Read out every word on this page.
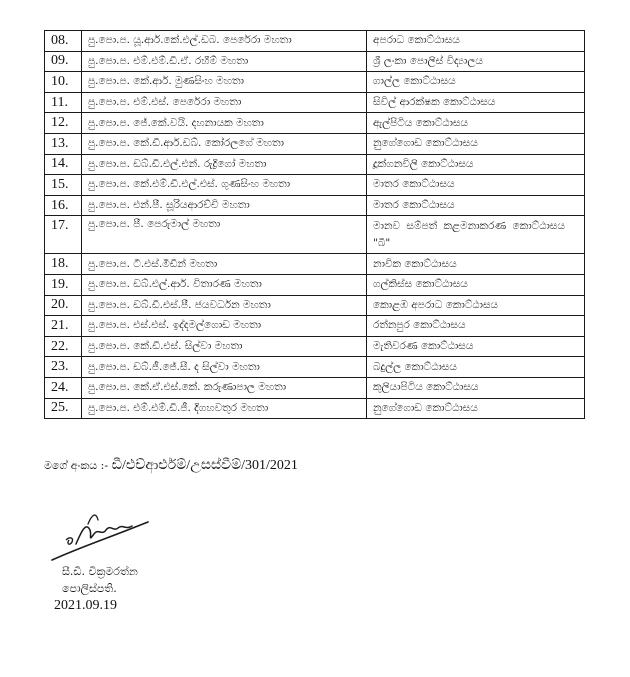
08.	පු.පො.ප. යූ.ආර්.කේ.එල්.ඩබ. පෙරේරා මහතා	අපරාධ කොට්ඨාසය
09.	පු.පො.ප. එම්.එම්.ඩී.ඒ. රහීම් මහතා	ශ්‍රී ලංකා පොලිස් විද්‍යාලය
10.	පු.පො.ප. කේ.ආර්. මුණසිංහ මහතා	ගාල්ල කොට්ඨාසය
11.	පු.පො.ප. එම්.එස්. පෙරේරා මහතා	සිවිල් ආරක්ෂක කොට්ඨාසය
12.	පු.පො.ප. ජේ.කේ.වයි. දහනායක මහතා	ඇල්පිටිය කොට්ඨාසය
13.	පු.පො.ප. කේ.ඩී.ආර්.ඩබ්. කෝරලගේ මහතා	නුගේගොඩ කොට්ඨාසය
14.	පු.පො.ප. ඩබ්.ඩී.එල්.එන්. රුද්‍රිගෝ මහතා	දූක්ගනවිලි කොට්ඨාසය
15.	පු.පො.ප. කේ.එම්.ඩී.එල්.එස්. ගුණසිංහ මහතා	මාතර කොට්ඨාසය
16.	පු.පො.ප. එන්.පී. සූරියආරච්චි මහතා	මාතර කොට්ඨාසය
17.	පු.පො.ප. පී. පෙරුමාල් මහතා	මානව සම්පත් කළමනාකරණ කොට්ඨාසය "බී"
18.	පු.පො.ප. ටී.එස්.මීඩීන් මහතා	නාවික කොට්ඨාසය
19.	පු.පො.ප. ඩබ්.එල්.ආර්. විතාරණ මහතා	ගල්කිස්ස කොට්ඨාසය
20.	පු.පො.ප. ඩබ්.ඩී.එස්.පී. ජයවර්ධන මහතා	කොළඹ අපරාධ කොට්ඨාසය
21.	පු.පො.ප. එස්.එස්. ඉද්දමල්ගොඩ මහතා	රත්නපුර කොට්ඨාසය
22.	පු.පො.ප. කේ.ඩී.එස්. සිල්වා මහතා	මැතිවරණ කොට්ඨාසය
23.	පු.පො.ප. ඩබ්.ජී.ජේ.සී. ද සිල්වා මහතා	බදුල්ල කොට්ඨාසය
24.	පු.පො.ප. කේ.ඒ.එස්.කේ. කරුණාපාල මහතා	කුලියාපිටිය කොට්ඨාසය
25.	පු.පො.ප. එම්.එම්.ඩී.ජී. දිගහවතුර මහතා	නුගේගොඩ කොට්ඨාසය
මගේ අංකය :- ඩී/එච්ආර්එම්/උසස්වීම්/301/2021
සී.ඩී. වික්‍රමරත්න
පොලිස්පති.
2021.09.19
